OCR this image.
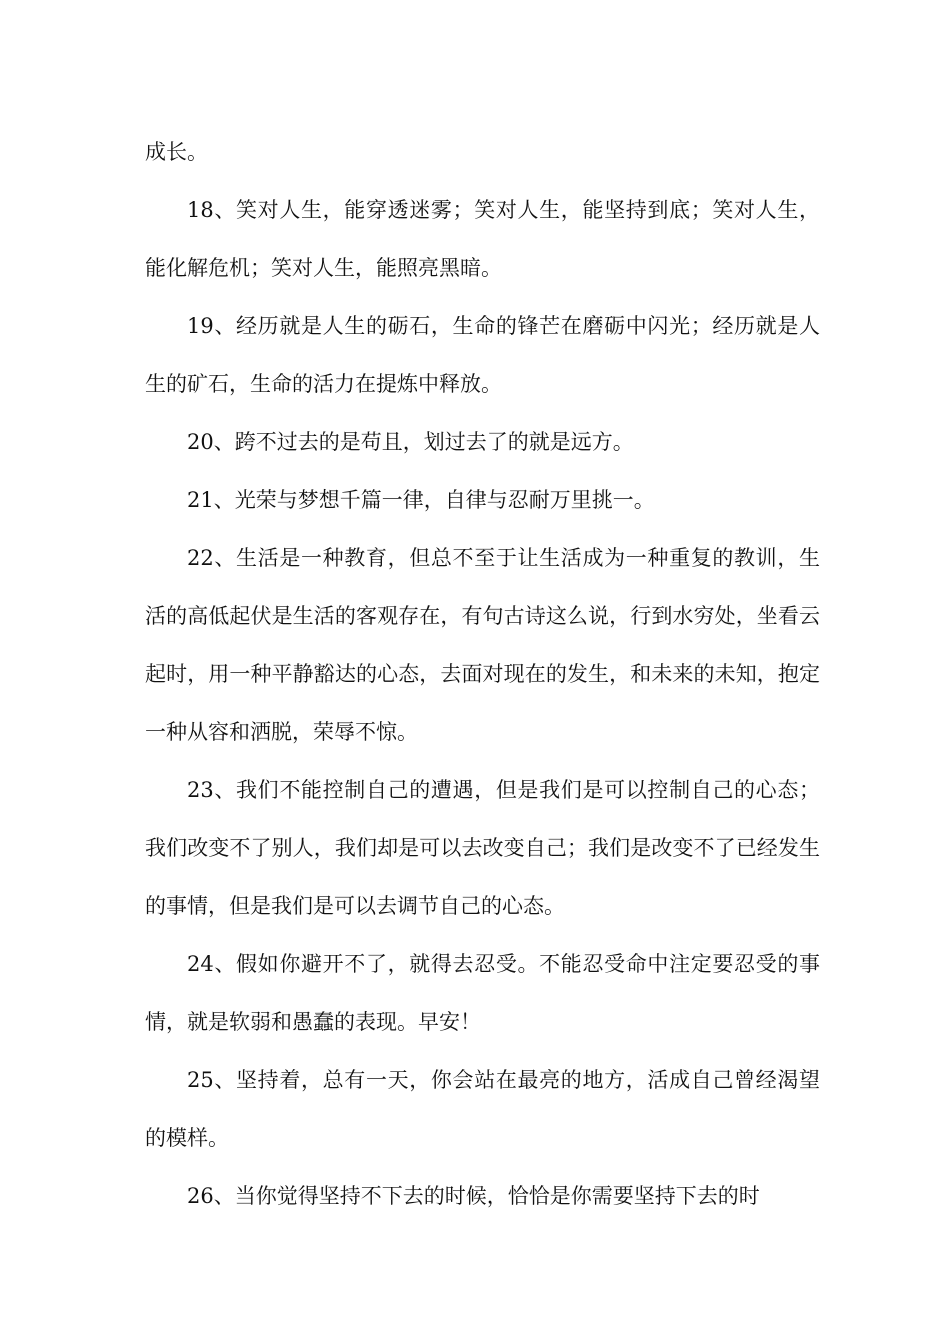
成长。

18、笑对人生，能穿透迷雾；笑对人生，能坚持到底；笑对人生，能化解危机；笑对人生，能照亮黑暗。

19、经历就是人生的砺石，生命的锋芒在磨砺中闪光；经历就是人生的矿石，生命的活力在提炼中释放。

20、跨不过去的是苟且，划过去了的就是远方。

21、光荣与梦想千篇一律，自律与忍耐万里挑一。

22、生活是一种教育，但总不至于让生活成为一种重复的教训，生活的高低起伏是生活的客观存在，有句古诗这么说，行到水穷处，坐看云起时，用一种平静豁达的心态，去面对现在的发生，和未来的未知，抱定一种从容和洒脱，荣辱不惊。

23、我们不能控制自己的遭遇，但是我们是可以控制自己的心态；我们改变不了别人，我们却是可以去改变自己；我们是改变不了已经发生的事情，但是我们是可以去调节自己的心态。

24、假如你避开不了，就得去忍受。不能忍受命中注定要忍受的事情，就是软弱和愚蠢的表现。早安！

25、坚持着，总有一天，你会站在最亮的地方，活成自己曾经渴望的模样。

26、当你觉得坚持不下去的时候，恰恰是你需要坚持下去的时
